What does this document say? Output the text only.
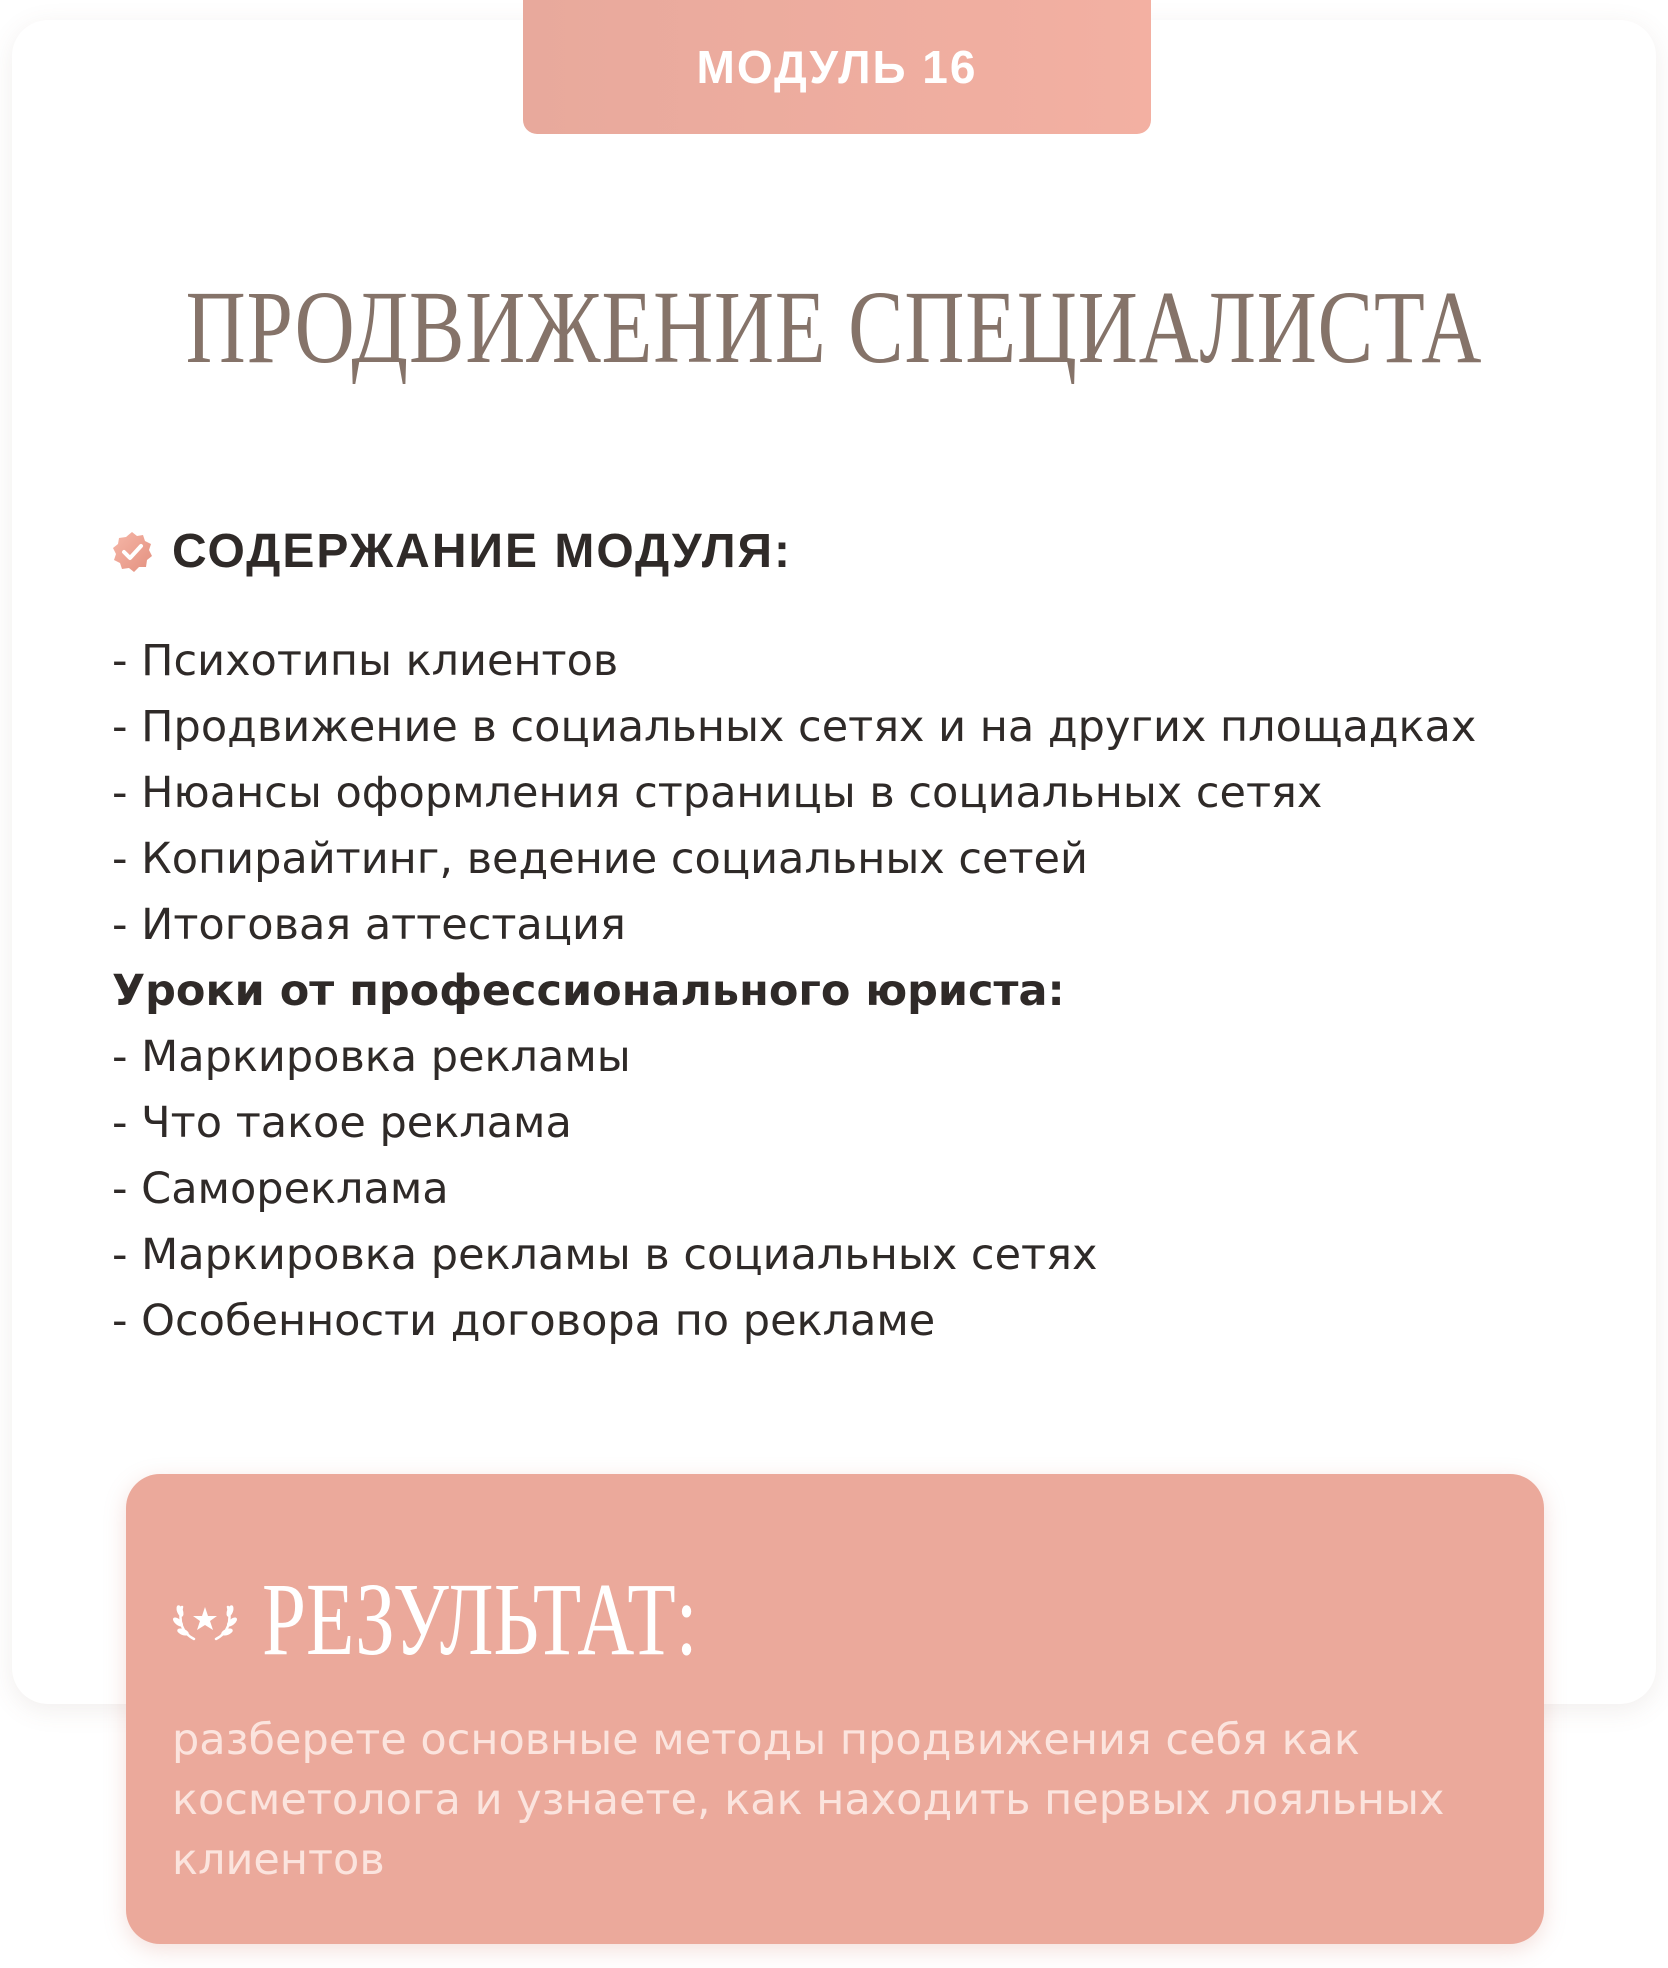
МОДУЛЬ 16
ПРОДВИЖЕНИЕ СПЕЦИАЛИСТА
СОДЕРЖАНИЕ МОДУЛЯ:
- Психотипы клиентов
- Продвижение в социальных сетях и на других площадках
- Нюансы оформления страницы в социальных сетях
- Копирайтинг, ведение социальных сетей
- Итоговая аттестация
Уроки от профессионального юриста:
- Маркировка рекламы
- Что такое реклама
- Самореклама
- Маркировка рекламы в социальных сетях
- Особенности договора по рекламе
РЕЗУЛЬТАТ:
разберете основные методы продвижения себя как косметолога и узнаете, как находить первых лояльных клиентов
